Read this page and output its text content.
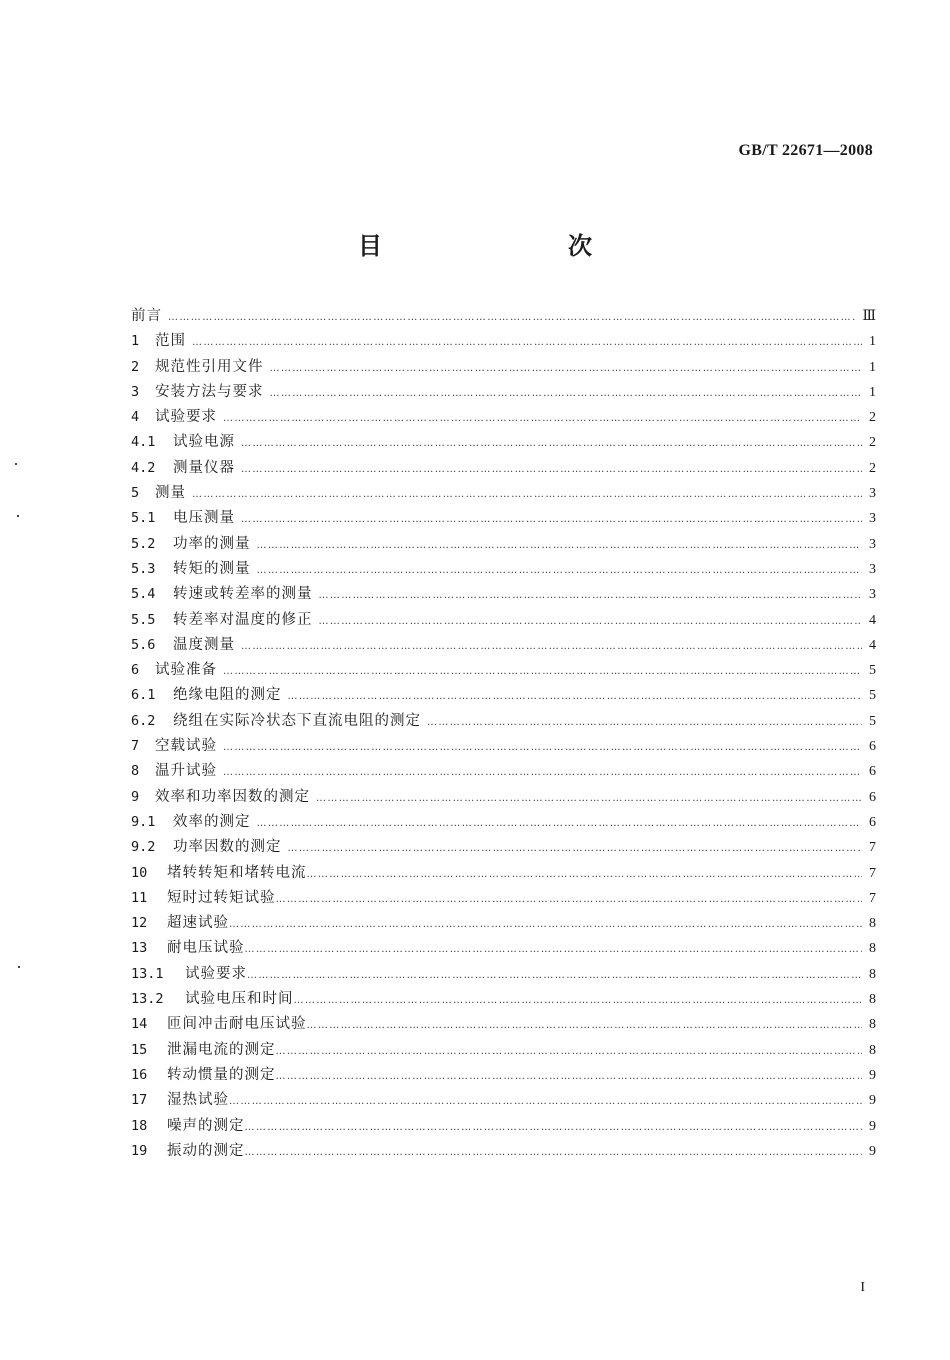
GB/T 22671—2008
目　　次
前言 …………………………………………………………………………………………………………………………………………………………………………………………	Ⅲ
1	范围 …………………………………………………………………………………………………………………………………………………………………………………………	1
2	规范性引用文件 …………………………………………………………………………………………………………………………………………………………………………………………	1
3	安装方法与要求 …………………………………………………………………………………………………………………………………………………………………………………………	1
4	试验要求 …………………………………………………………………………………………………………………………………………………………………………………………	2
4.1	试验电源 …………………………………………………………………………………………………………………………………………………………………………………………	2
4.2	测量仪器 …………………………………………………………………………………………………………………………………………………………………………………………	2
5	测量 …………………………………………………………………………………………………………………………………………………………………………………………	3
5.1	电压测量 …………………………………………………………………………………………………………………………………………………………………………………………	3
5.2	功率的测量 …………………………………………………………………………………………………………………………………………………………………………………………	3
5.3	转矩的测量 …………………………………………………………………………………………………………………………………………………………………………………………	3
5.4	转速或转差率的测量 …………………………………………………………………………………………………………………………………………………………………………………………	3
5.5	转差率对温度的修正 …………………………………………………………………………………………………………………………………………………………………………………………	4
5.6	温度测量 …………………………………………………………………………………………………………………………………………………………………………………………	4
6	试验准备 …………………………………………………………………………………………………………………………………………………………………………………………	5
6.1	绝缘电阻的测定 …………………………………………………………………………………………………………………………………………………………………………………………	5
6.2	绕组在实际冷状态下直流电阻的测定 …………………………………………………………………………………………………………………………………………………………………………………………	5
7	空载试验 …………………………………………………………………………………………………………………………………………………………………………………………	6
8	温升试验 …………………………………………………………………………………………………………………………………………………………………………………………	6
9	效率和功率因数的测定 …………………………………………………………………………………………………………………………………………………………………………………………	6
9.1	效率的测定 …………………………………………………………………………………………………………………………………………………………………………………………	6
9.2	功率因数的测定 …………………………………………………………………………………………………………………………………………………………………………………………	7
10	堵转转矩和堵转电流 …………………………………………………………………………………………………………………………………………………………………………………………	7
11	短时过转矩试验 …………………………………………………………………………………………………………………………………………………………………………………………	7
12	超速试验 …………………………………………………………………………………………………………………………………………………………………………………………	8
13	耐电压试验 …………………………………………………………………………………………………………………………………………………………………………………………	8
13.1	试验要求 …………………………………………………………………………………………………………………………………………………………………………………………	8
13.2	试验电压和时间 …………………………………………………………………………………………………………………………………………………………………………………………	8
14	匝间冲击耐电压试验 …………………………………………………………………………………………………………………………………………………………………………………………	8
15	泄漏电流的测定 …………………………………………………………………………………………………………………………………………………………………………………………	8
16	转动惯量的测定 …………………………………………………………………………………………………………………………………………………………………………………………	9
17	湿热试验 …………………………………………………………………………………………………………………………………………………………………………………………	9
18	噪声的测定 …………………………………………………………………………………………………………………………………………………………………………………………	9
19	振动的测定 …………………………………………………………………………………………………………………………………………………………………………………………	9
I
